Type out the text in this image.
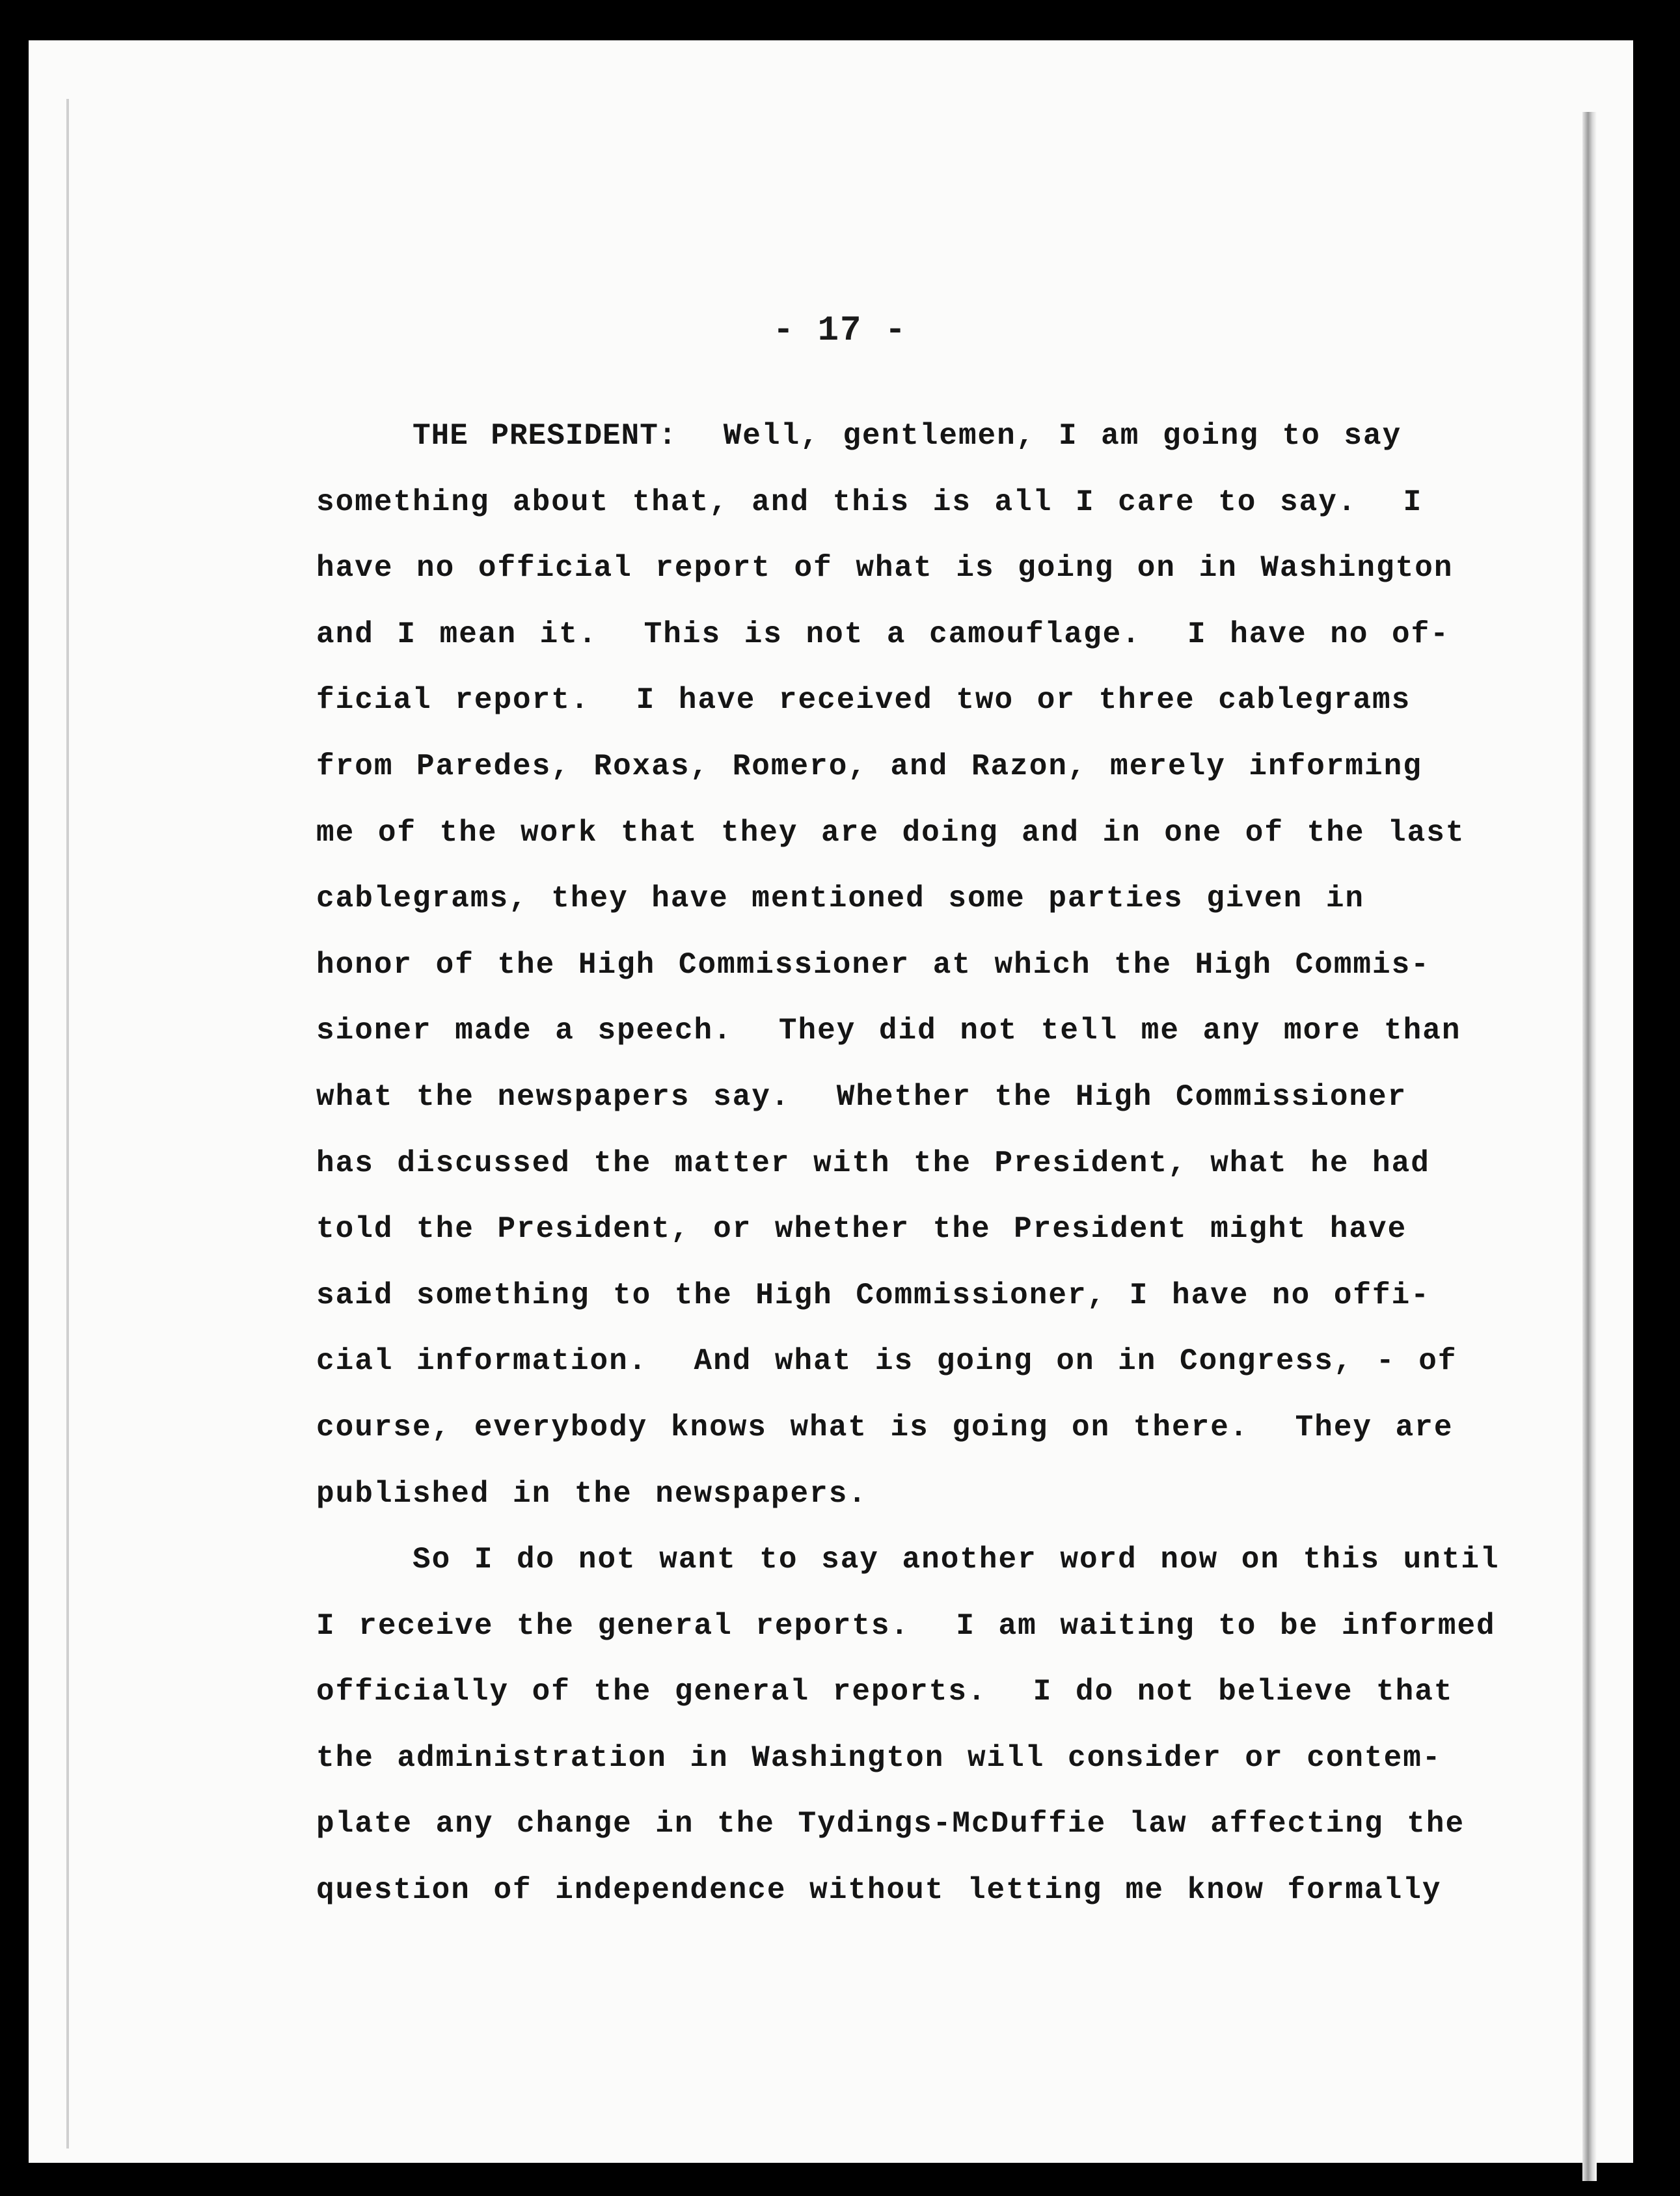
- 17 -
THE PRESIDENT: Well, gentlemen, I am going to say
something about that, and this is all I care to say.  I
have no official report of what is going on in Washington
and I mean it.  This is not a camouflage.  I have no of-
ficial report.  I have received two or three cablegrams
from Paredes, Roxas, Romero, and Razon, merely informing
me of the work that they are doing and in one of the last
cablegrams, they have mentioned some parties given in
honor of the High Commissioner at which the High Commis-
sioner made a speech.  They did not tell me any more than
what the newspapers say.  Whether the High Commissioner
has discussed the matter with the President, what he had
told the President, or whether the President might have
said something to the High Commissioner, I have no offi-
cial information.  And what is going on in Congress, - of
course, everybody knows what is going on there.  They are
published in the newspapers.
So I do not want to say another word now on this until
I receive the general reports.  I am waiting to be informed
officially of the general reports.  I do not believe that
the administration in Washington will consider or contem-
plate any change in the Tydings-McDuffie law affecting the
question of independence without letting me know formally
